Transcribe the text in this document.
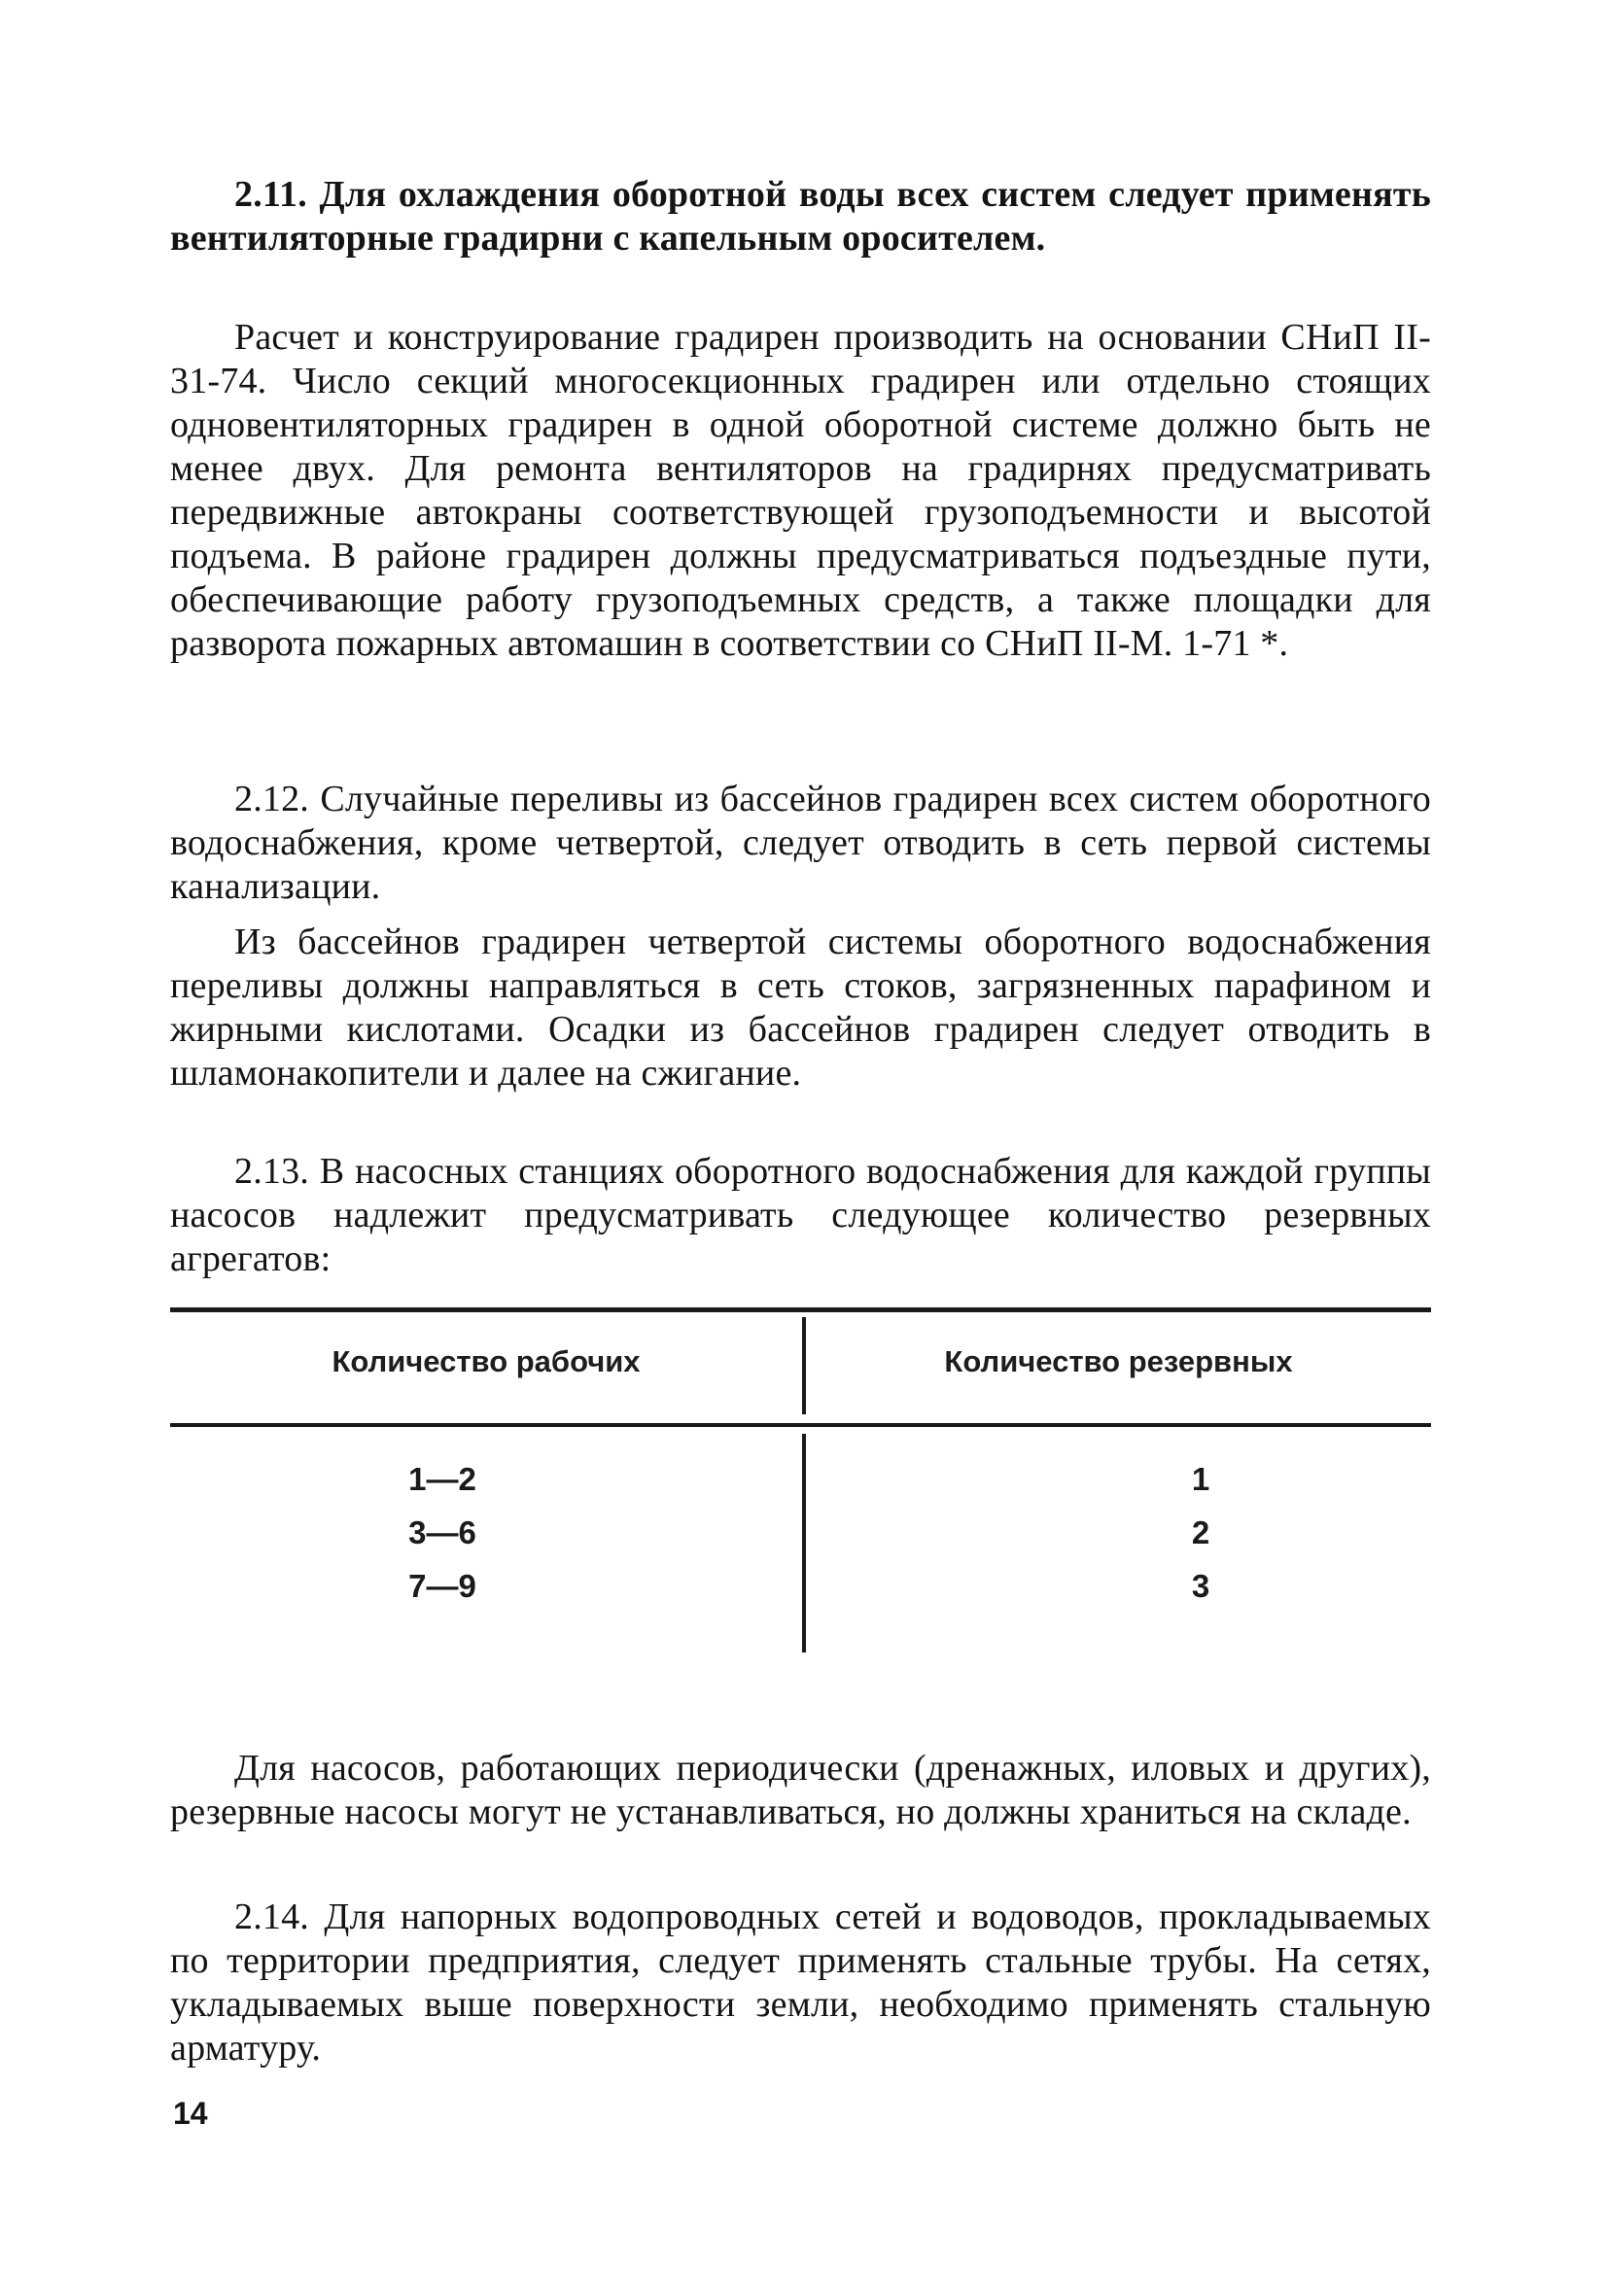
2.11. Для охлаждения оборотной воды всех систем следует применять вентиляторные градирни с капельным оросителем.

Расчет и конструирование градирен производить на основании СНиП II-31-74. Число секций многосекционных градирен или отдельно стоящих одновентиляторных градирен в одной оборотной системе должно быть не менее двух. Для ремонта вентиляторов на градирнях предусматривать передвижные автокраны соответствующей грузоподъемности и высотой подъема. В районе градирен должны предусматриваться подъездные пути, обеспечивающие работу грузоподъемных средств, а также площадки для разворота пожарных автомашин в соответствии со СНиП II-М. 1-71 *.

2.12. Случайные переливы из бассейнов градирен всех систем оборотного водоснабжения, кроме четвертой, следует отводить в сеть первой системы канализации.

Из бассейнов градирен четвертой системы оборотного водоснабжения переливы должны направляться в сеть стоков, загрязненных парафином и жирными кислотами. Осадки из бассейнов градирен следует отводить в шламонакопители и далее на сжигание.

2.13. В насосных станциях оборотного водоснабжения для каждой группы насосов надлежит предусматривать следующее количество резервных агрегатов:

Количество рабочих	Количество резервных
1—2	1
3—6	2
7—9	3

Для насосов, работающих периодически (дренажных, иловых и других), резервные насосы могут не устанавливаться, но должны храниться на складе.

2.14. Для напорных водопроводных сетей и водоводов, прокладываемых по территории предприятия, следует применять стальные трубы. На сетях, укладываемых выше поверхности земли, необходимо применять стальную арматуру.

14
